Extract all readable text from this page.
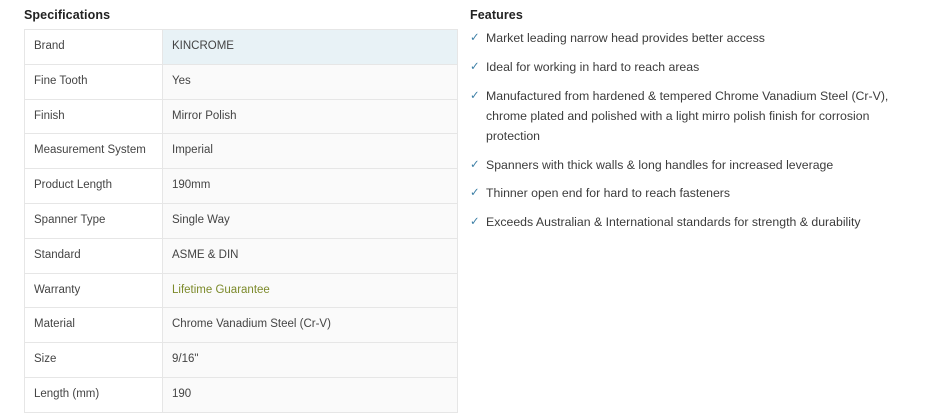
Specifications
Brand	KINCROME
Fine Tooth	Yes
Finish	Mirror Polish
Measurement System	Imperial
Product Length	190mm
Spanner Type	Single Way
Standard	ASME & DIN
Warranty	Lifetime Guarantee
Material	Chrome Vanadium Steel (Cr-V)
Size	9/16"
Length (mm)	190
Features
✓ Market leading narrow head provides better access
✓ Ideal for working in hard to reach areas
✓ Manufactured from hardened & tempered Chrome Vanadium Steel (Cr-V), chrome plated and polished with a light mirro polish finish for corrosion protection
✓ Spanners with thick walls & long handles for increased leverage
✓ Thinner open end for hard to reach fasteners
✓ Exceeds Australian & International standards for strength & durability
